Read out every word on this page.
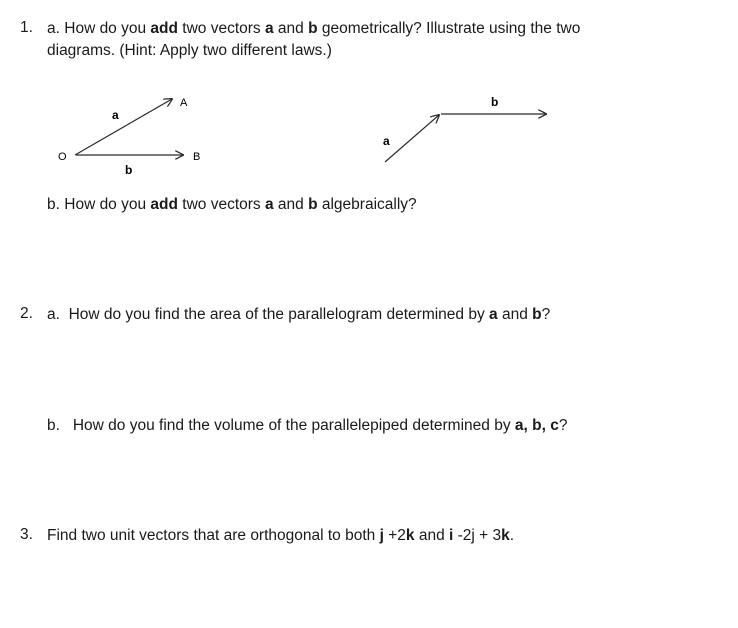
1. a. How do you add two vectors a and b geometrically? Illustrate using the two
diagrams. (Hint: Apply two different laws.)
O
A
B
a
b
a
b
b. How do you add two vectors a and b algebraically?
2. a. How do you find the area of the parallelogram determined by a and b?
b. How do you find the volume of the parallelepiped determined by a, b, c?
3. Find two unit vectors that are orthogonal to both j +2k and i -2j + 3k.
